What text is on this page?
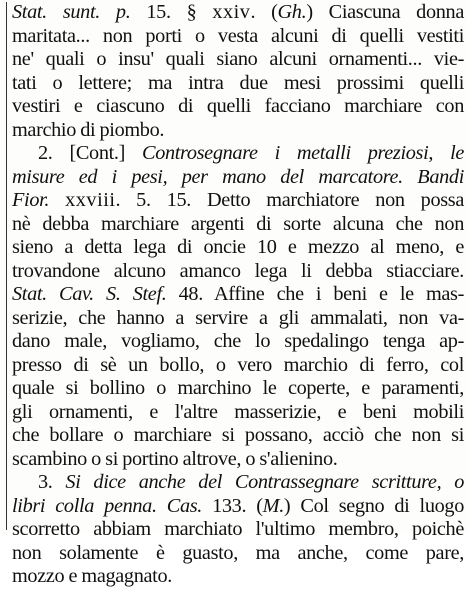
Stat. sunt. p. 15. § xxiv. (Gh.) Ciascuna donna
maritata... non porti o vesta alcuni di quelli vestiti
ne' quali o insu' quali siano alcuni ornamenti... vie-
tati o lettere; ma intra due mesi prossimi quelli
vestiri e ciascuno di quelli facciano marchiare con
marchio di piombo.
2. [Cont.] Controsegnare i metalli preziosi, le
misure ed i pesi, per mano del marcatore. Bandi
Fior. xxviii. 5. 15. Detto marchiatore non possa
nè debba marchiare argenti di sorte alcuna che non
sieno a detta lega di oncie 10 e mezzo al meno, e
trovandone alcuno amanco lega li debba stiacciare.
Stat. Cav. S. Stef. 48. Affine che i beni e le mas-
serizie, che hanno a servire a gli ammalati, non va-
dano male, vogliamo, che lo spedalingo tenga ap-
presso di sè un bollo, o vero marchio di ferro, col
quale si bollino o marchino le coperte, e paramenti,
gli ornamenti, e l'altre masserizie, e beni mobili
che bollare o marchiare si possano, acciò che non si
scambino o si portino altrove, o s'alienino.
3. Si dice anche del Contrassegnare scritture, o
libri colla penna. Cas. 133. (M.) Col segno di luogo
scorretto abbiam marchiato l'ultimo membro, poichè
non solamente è guasto, ma anche, come pare,
mozzo e magagnato.
